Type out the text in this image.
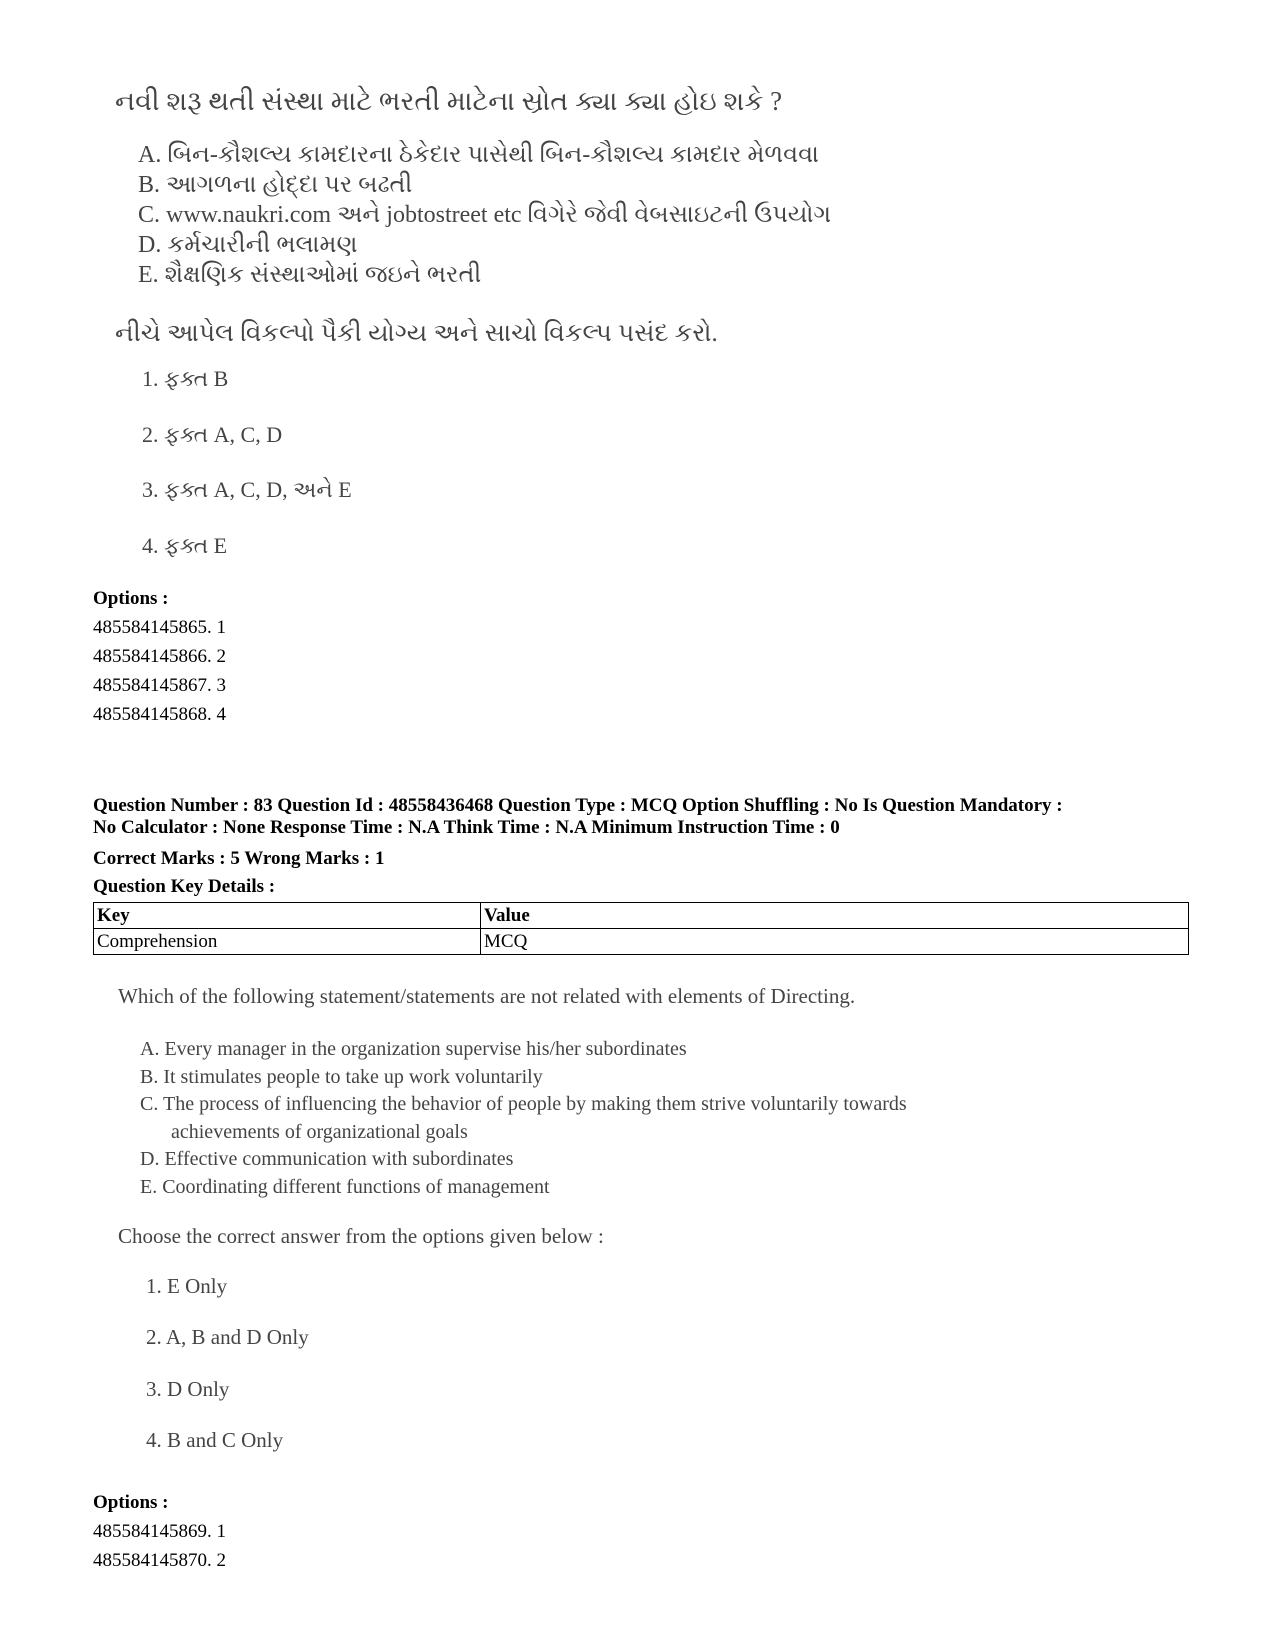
નવી શરૂ થતી સંસ્થા માટે ભરતી માટેના સ્રોત ક્યા ક્યા હોઇ શકે ?
A. બિન-કૌશલ્ય કામદારના ઠેકેદાર પાસેથી બિન-કૌશલ્ય કામદાર મેળવવા
B. આગળના હોદ્દા પર બઢતી
C. www.naukri.com અને jobtostreet etc વિગેરે જેવી વેબસાઇટની ઉપયોગ
D. કર્મચારીની ભલામણ
E. શૈક્ષણિક સંસ્થાઓમાં જઇને ભરતી
નીચે આપેલ વિકલ્પો પૈકી યોગ્ય અને સાચો વિકલ્પ પસંદ કરો.
1. ફક્ત B
2. ફક્ત A, C, D
3. ફક્ત A, C, D, અને E
4. ફક્ત E
Options :
485584145865. 1
485584145866. 2
485584145867. 3
485584145868. 4
Question Number : 83 Question Id : 48558436468 Question Type : MCQ Option Shuffling : No Is Question Mandatory :
No Calculator : None Response Time : N.A Think Time : N.A Minimum Instruction Time : 0
Correct Marks : 5 Wrong Marks : 1
Question Key Details :
Key	Value
Comprehension	MCQ
Which of the following statement/statements are not related with elements of Directing.
A. Every manager in the organization supervise his/her subordinates
B. It stimulates people to take up work voluntarily
C. The process of influencing the behavior of people by making them strive voluntarily towards
achievements of organizational goals
D. Effective communication with subordinates
E. Coordinating different functions of management
Choose the correct answer from the options given below :
1. E Only
2. A, B and D Only
3. D Only
4. B and C Only
Options :
485584145869. 1
485584145870. 2
